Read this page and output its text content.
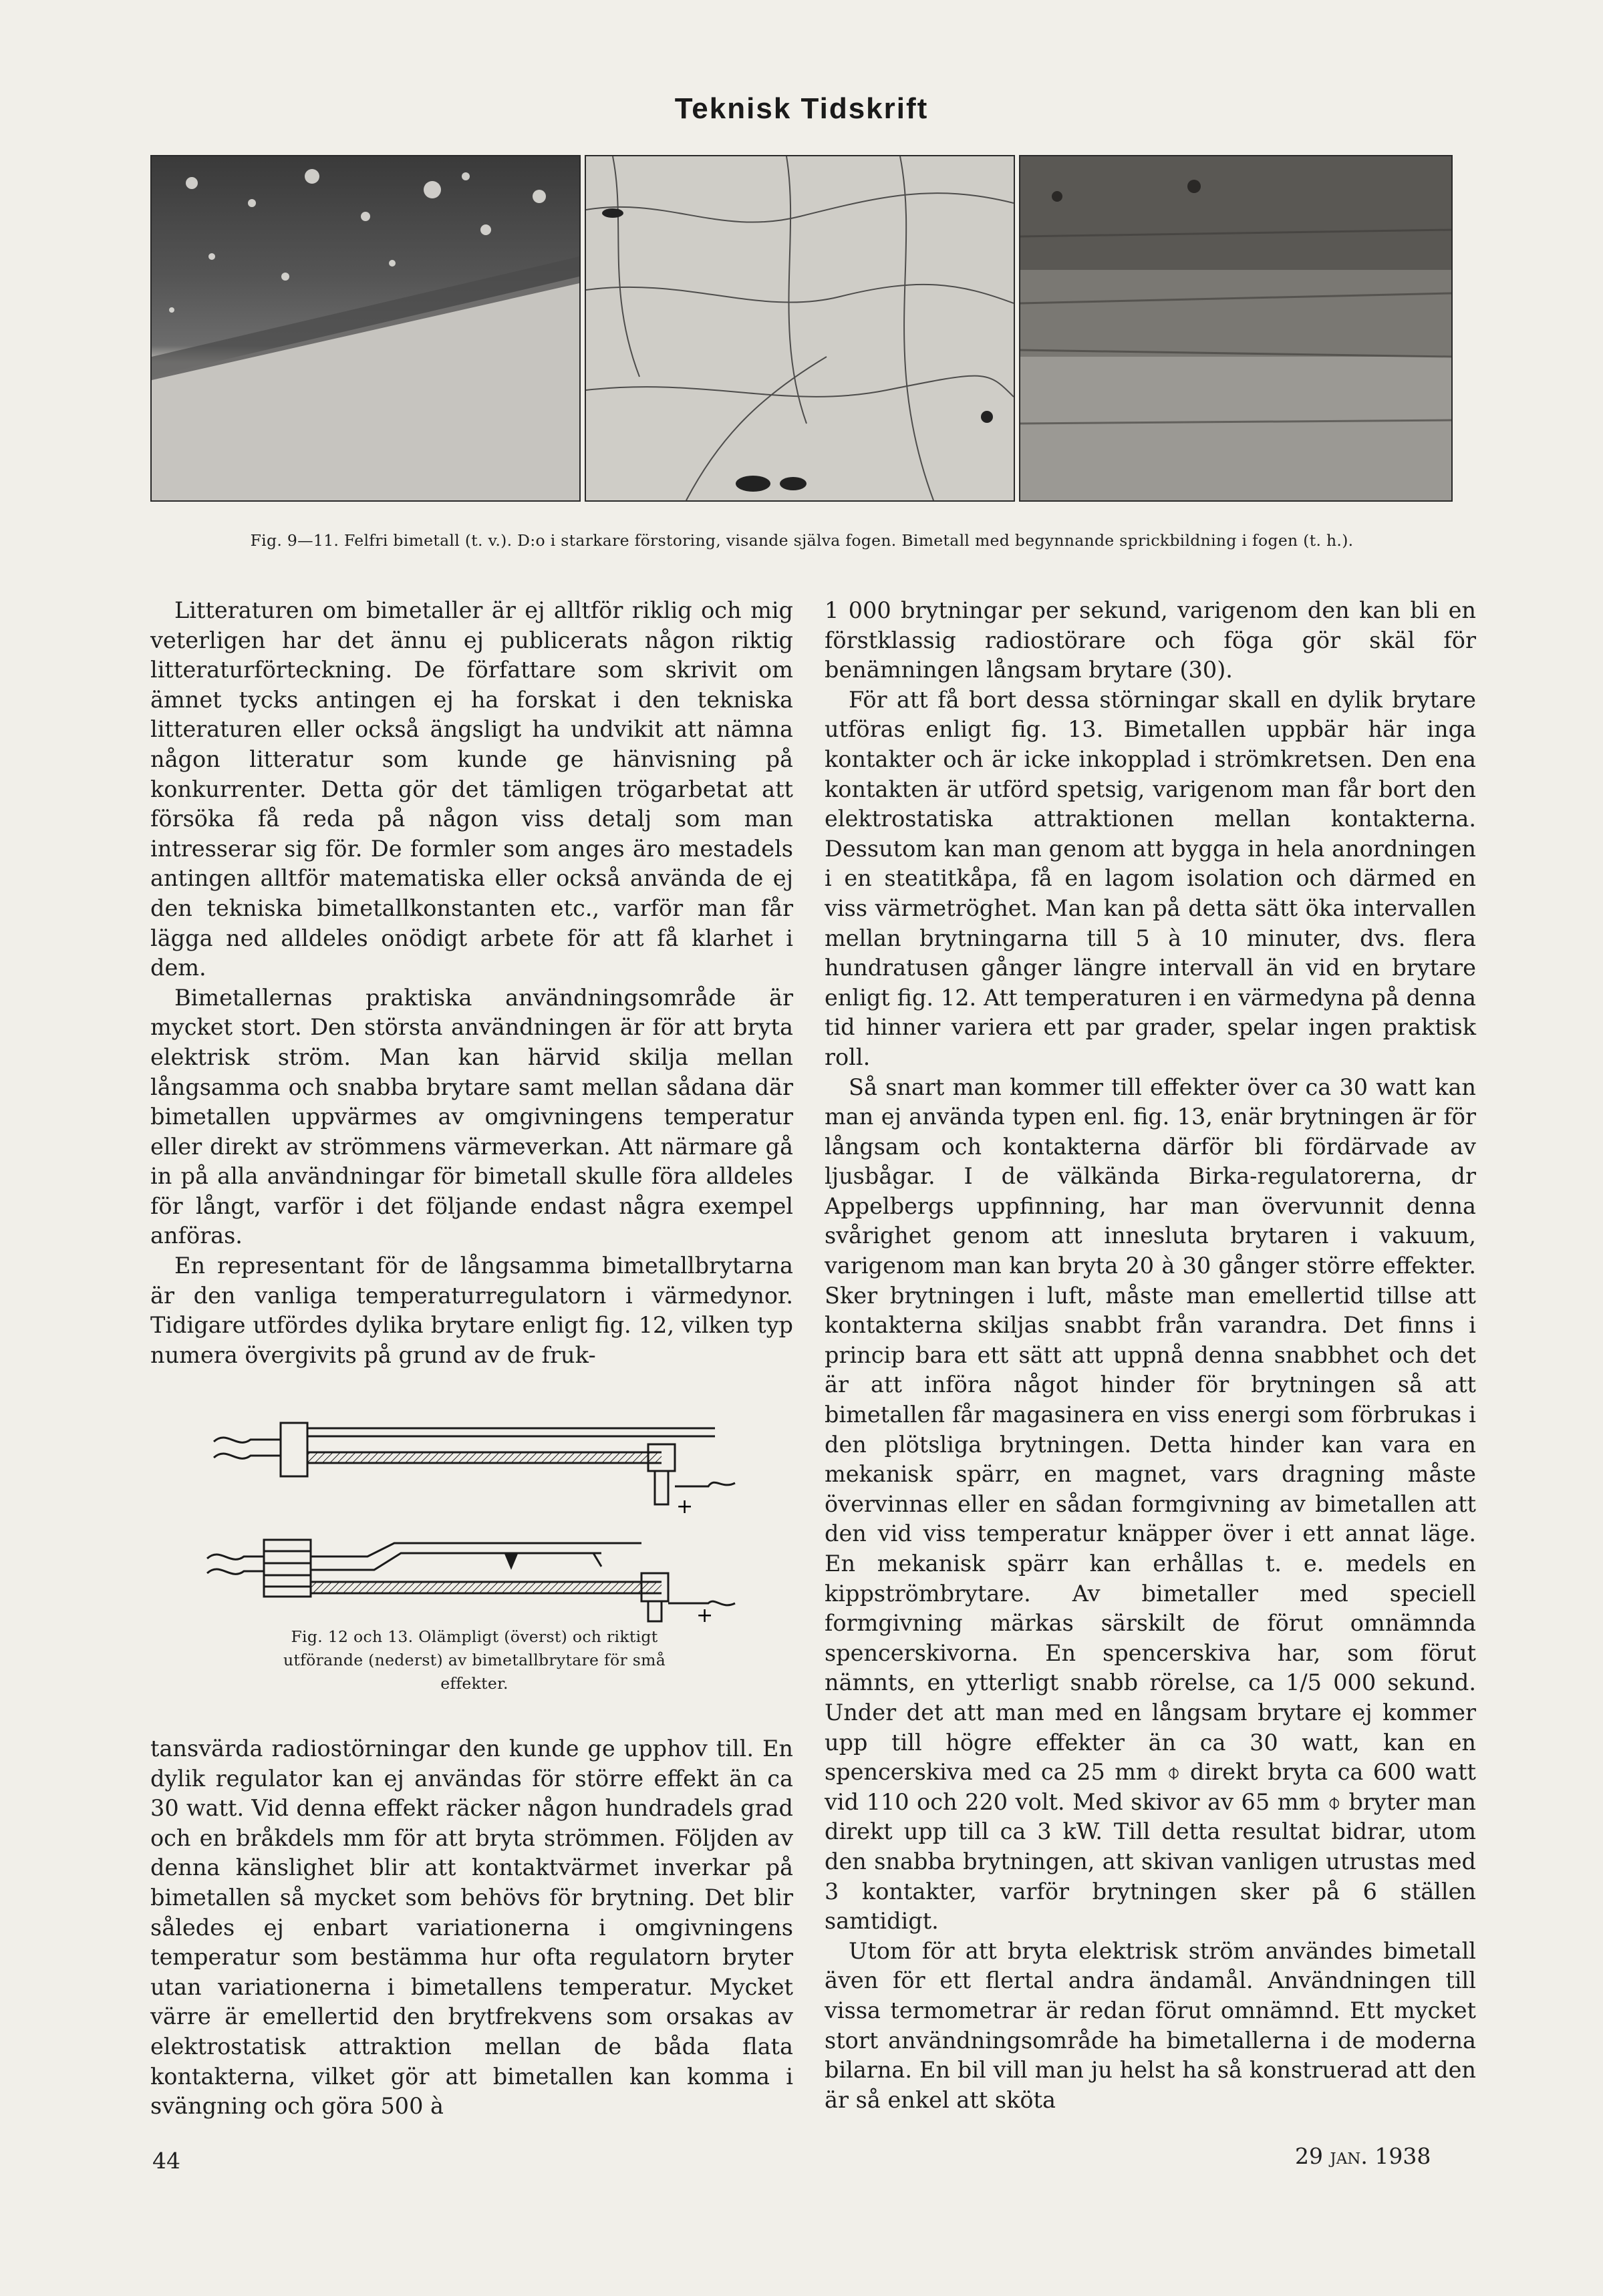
Teknisk Tidskrift
Fig. 9—11. Felfri bimetall (t. v.). D:o i starkare förstoring, visande själva fogen. Bimetall med begynnande sprickbildning i fogen (t. h.).

Litteraturen om bimetaller är ej alltför riklig och mig veterligen har det ännu ej publicerats någon riktig litteraturförteckning. De författare som skrivit om ämnet tycks antingen ej ha forskat i den tekniska litteraturen eller också ängsligt ha undvikit att nämna någon litteratur som kunde ge hänvisning på konkurrenter. Detta gör det tämligen trögarbetat att försöka få reda på någon viss detalj som man intresserar sig för. De formler som anges äro mestadels antingen alltför matematiska eller också använda de ej den tekniska bimetallkonstanten etc., varför man får lägga ned alldeles onödigt arbete för att få klarhet i dem.

Bimetallernas praktiska användningsområde är mycket stort. Den största användningen är för att bryta elektrisk ström. Man kan härvid skilja mellan långsamma och snabba brytare samt mellan sådana där bimetallen uppvärmes av omgivningens temperatur eller direkt av strömmens värmeverkan. Att närmare gå in på alla användningar för bimetall skulle föra alldeles för långt, varför i det följande endast några exempel anföras.

En representant för de långsamma bimetallbrytarna är den vanliga temperaturregulatorn i värmedynor. Tidigare utfördes dylika brytare enligt fig. 12, vilken typ numera övergivits på grund av de fruk-

+
+
Fig. 12 och 13. Olämpligt (överst) och riktigt
utförande (nederst) av bimetallbrytare för små
effekter.

tansvärda radiostörningar den kunde ge upphov till. En dylik regulator kan ej användas för större effekt än ca 30 watt. Vid denna effekt räcker någon hundradels grad och en bråkdels mm för att bryta strömmen. Följden av denna känslighet blir att kontaktvärmet inverkar på bimetallen så mycket som behövs för brytning. Det blir således ej enbart variationerna i omgivningens temperatur som bestämma hur ofta regulatorn bryter utan variationerna i bimetallens temperatur. Mycket värre är emellertid den brytfrekvens som orsakas av elektrostatisk attraktion mellan de båda flata kontakterna, vilket gör att bimetallen kan komma i svängning och göra 500 à

1 000 brytningar per sekund, varigenom den kan bli en förstklassig radiostörare och föga gör skäl för benämningen långsam brytare (30).

För att få bort dessa störningar skall en dylik brytare utföras enligt fig. 13. Bimetallen uppbär här inga kontakter och är icke inkopplad i strömkretsen. Den ena kontakten är utförd spetsig, varigenom man får bort den elektrostatiska attraktionen mellan kontakterna. Dessutom kan man genom att bygga in hela anordningen i en steatitkåpa, få en lagom isolation och därmed en viss värmetröghet. Man kan på detta sätt öka intervallen mellan brytningarna till 5 à 10 minuter, dvs. flera hundratusen gånger längre intervall än vid en brytare enligt fig. 12. Att temperaturen i en värmedyna på denna tid hinner variera ett par grader, spelar ingen praktisk roll.

Så snart man kommer till effekter över ca 30 watt kan man ej använda typen enl. fig. 13, enär brytningen är för långsam och kontakterna därför bli fördärvade av ljusbågar. I de välkända Birka-regulatorerna, dr Appelbergs uppfinning, har man övervunnit denna svårighet genom att innesluta brytaren i vakuum, varigenom man kan bryta 20 à 30 gånger större effekter. Sker brytningen i luft, måste man emellertid tillse att kontakterna skiljas snabbt från varandra. Det finns i princip bara ett sätt att uppnå denna snabbhet och det är att införa något hinder för brytningen så att bimetallen får magasinera en viss energi som förbrukas i den plötsliga brytningen. Detta hinder kan vara en mekanisk spärr, en magnet, vars dragning måste övervinnas eller en sådan formgivning av bimetallen att den vid viss temperatur knäpper över i ett annat läge. En mekanisk spärr kan erhållas t. e. medels en kippströmbrytare. Av bimetaller med speciell formgivning märkas särskilt de förut omnämnda spencerskivorna. En spencerskiva har, som förut nämnts, en ytterligt snabb rörelse, ca 1/5 000 sekund. Under det att man med en långsam brytare ej kommer upp till högre effekter än ca 30 watt, kan en spencerskiva med ca 25 mm ⌽ direkt bryta ca 600 watt vid 110 och 220 volt. Med skivor av 65 mm ⌽ bryter man direkt upp till ca 3 kW. Till detta resultat bidrar, utom den snabba brytningen, att skivan vanligen utrustas med 3 kontakter, varför brytningen sker på 6 ställen samtidigt.

Utom för att bryta elektrisk ström användes bimetall även för ett flertal andra ändamål. Användningen till vissa termometrar är redan förut omnämnd. Ett mycket stort användningsområde ha bimetallerna i de moderna bilarna. En bil vill man ju helst ha så konstruerad att den är så enkel att sköta

44	29 jan. 1938
